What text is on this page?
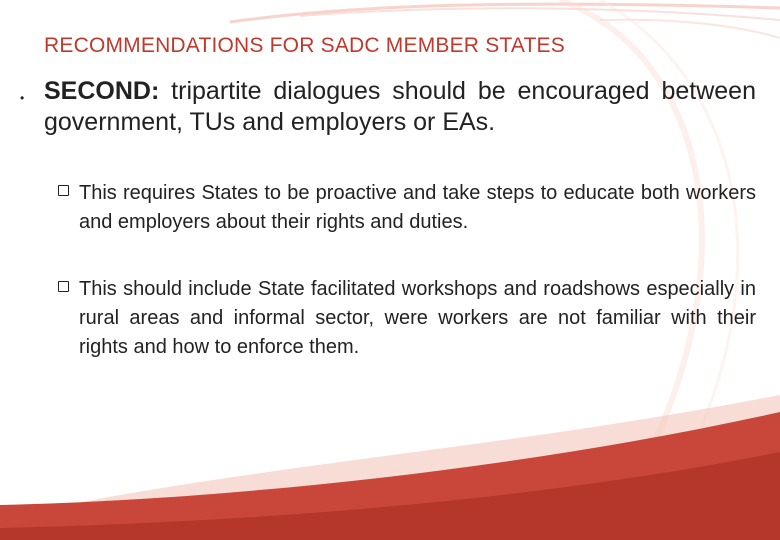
RECOMMENDATIONS FOR SADC MEMBER STATES
• SECOND: tripartite dialogues should be encouraged between government, TUs and employers or EAs.
This requires States to be proactive and take steps to educate both workers and employers about their rights and duties.
This should include State facilitated workshops and roadshows especially in rural areas and informal sector, were workers are not familiar with their rights and how to enforce them.
